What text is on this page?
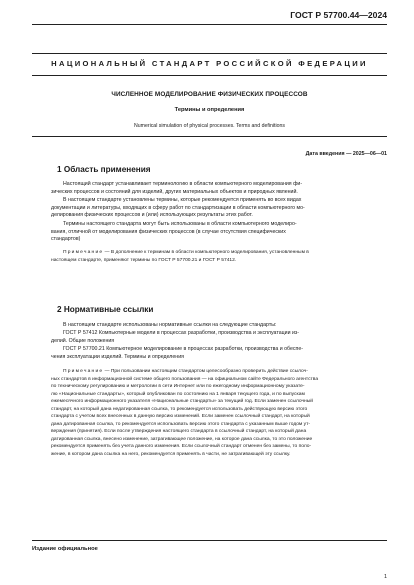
ГОСТ Р 57700.44—2024
НАЦИОНАЛЬНЫЙ СТАНДАРТ РОССИЙСКОЙ ФЕДЕРАЦИИ
ЧИСЛЕННОЕ МОДЕЛИРОВАНИЕ ФИЗИЧЕСКИХ ПРОЦЕССОВ
Термины и определения
Numerical simulation of physical processes. Terms and definitions
Дата введения — 2025—06—01
1 Область применения
Настоящий стандарт устанавливает терминологию в области компьютерного моделирования фи-
зических процессов и состояний для изделий, других материальных объектов и природных явлений.
В настоящем стандарте установлены термины, которые рекомендуется применять во всех видах
документации и литературы, входящих в сферу работ по стандартизации в области компьютерного мо-
делирования физических процессов и (или) использующих результаты этих работ.
Термины настоящего стандарта могут быть использованы в области компьютерного моделиро-
вания, отличной от моделирования физических процессов (в случае отсутствия специфических
стандартов)
Примечание — В дополнение к терминам в области компьютерного моделирования, установленным в
настоящем стандарте, применяют термины по ГОСТ Р 57700.21 и ГОСТ Р 57412.
2 Нормативные ссылки
В настоящем стандарте использованы нормативные ссылки на следующие стандарты:
ГОСТ Р 57412 Компьютерные модели в процессах разработки, производства и эксплуатации из-
делий. Общие положения
ГОСТ Р 57700.21 Компьютерное моделирование в процессах разработки, производства и обеспе-
чения эксплуатации изделий. Термины и определения
Примечание — При пользовании настоящим стандартом целесообразно проверить действие ссылоч-
ных стандартов в информационной системе общего пользования — на официальном сайте Федерального агентства
по техническому регулированию и метрологии в сети Интернет или по ежегодному информационному указате-
лю «Национальные стандарты», который опубликован по состоянию на 1 января текущего года, и по выпускам
ежемесячного информационного указателя «Национальные стандарты» за текущий год. Если заменен ссылочный
стандарт, на который дана недатированная ссылка, то рекомендуется использовать действующую версию этого
стандарта с учетом всех внесенных в данную версию изменений. Если заменен ссылочный стандарт, на который
дана датированная ссылка, то рекомендуется использовать версию этого стандарта с указанным выше годом ут-
верждения (принятия). Если после утверждения настоящего стандарта в ссылочный стандарт, на который дана
датированная ссылка, внесено изменение, затрагивающее положение, на которое дана ссылка, то это положение
рекомендуется применять без учета данного изменения. Если ссылочный стандарт отменен без замены, то поло-
жение, в котором дана ссылка на него, рекомендуется применять в части, не затрагивающей эту ссылку.
Издание официальное
1
